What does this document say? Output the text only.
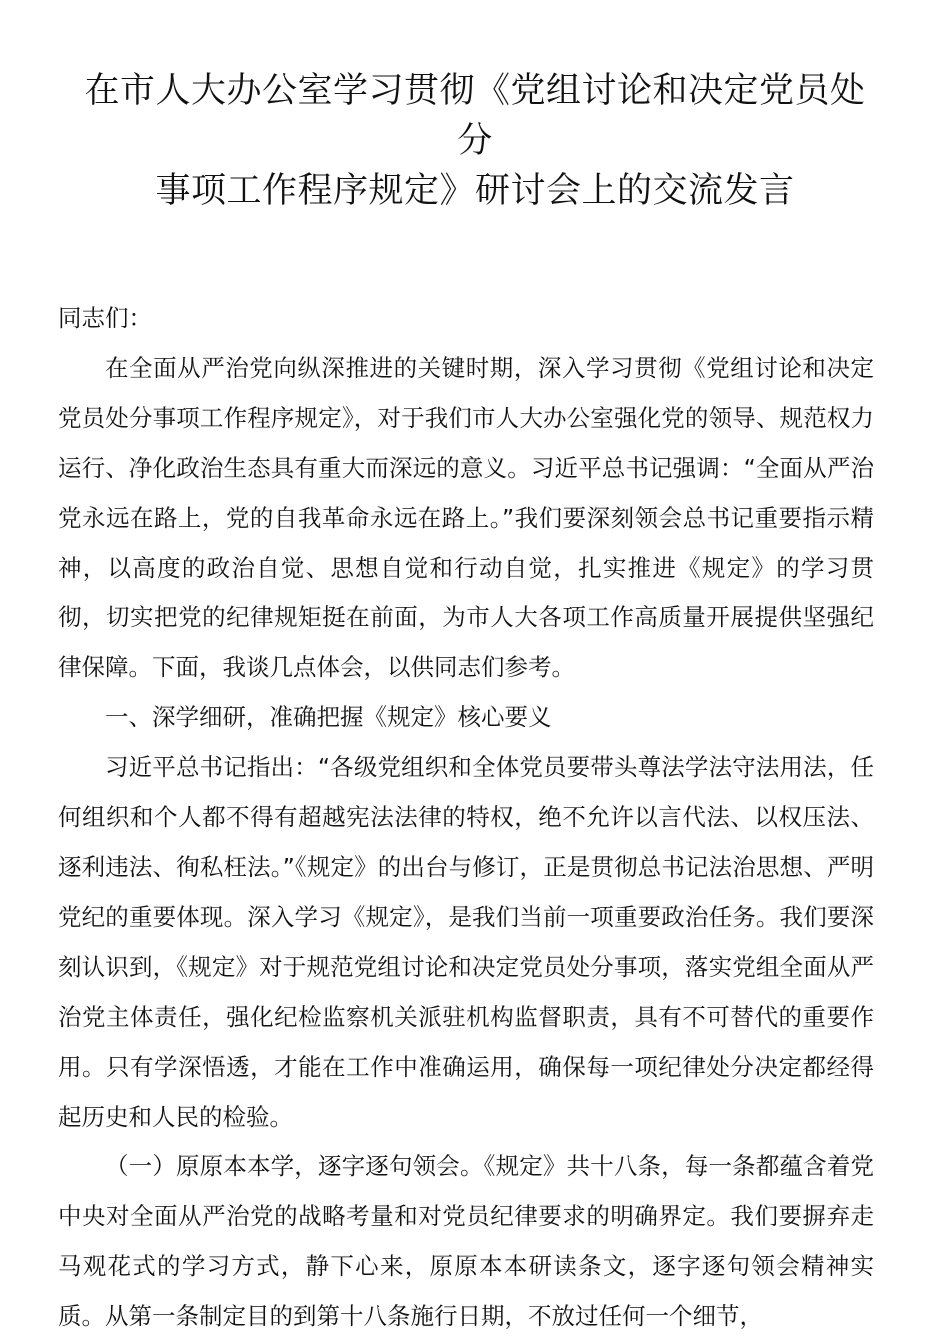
在市人大办公室学习贯彻《党组讨论和决定党员处分
事项工作程序规定》研讨会上的交流发言

同志们：

在全面从严治党向纵深推进的关键时期，深入学习贯彻《党组讨论和决定党员处分事项工作程序规定》，对于我们市人大办公室强化党的领导、规范权力运行、净化政治生态具有重大而深远的意义。习近平总书记强调：“全面从严治党永远在路上，党的自我革命永远在路上。”我们要深刻领会总书记重要指示精神，以高度的政治自觉、思想自觉和行动自觉，扎实推进《规定》的学习贯彻，切实把党的纪律规矩挺在前面，为市人大各项工作高质量开展提供坚强纪律保障。下面，我谈几点体会，以供同志们参考。

一、深学细研，准确把握《规定》核心要义

习近平总书记指出：“各级党组织和全体党员要带头尊法学法守法用法，任何组织和个人都不得有超越宪法法律的特权，绝不允许以言代法、以权压法、逐利违法、徇私枉法。”《规定》的出台与修订，正是贯彻总书记法治思想、严明党纪的重要体现。深入学习《规定》，是我们当前一项重要政治任务。我们要深刻认识到，《规定》对于规范党组讨论和决定党员处分事项，落实党组全面从严治党主体责任，强化纪检监察机关派驻机构监督职责，具有不可替代的重要作用。只有学深悟透，才能在工作中准确运用，确保每一项纪律处分决定都经得起历史和人民的检验。

（一）原原本本学，逐字逐句领会。《规定》共十八条，每一条都蕴含着党中央对全面从严治党的战略考量和对党员纪律要求的明确界定。我们要摒弃走马观花式的学习方式，静下心来，原原本本研读条文，逐字逐句领会精神实质。从第一条制定目的到第十八条施行日期，不放过任何一个细节，
